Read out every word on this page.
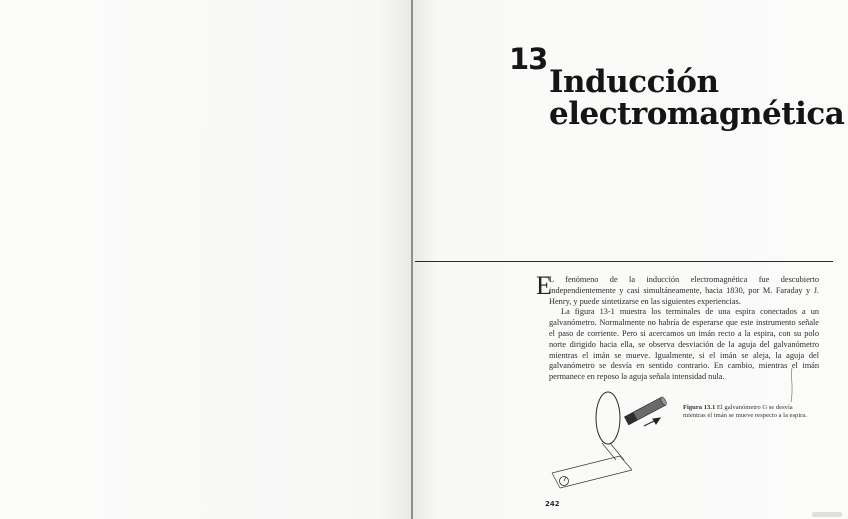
13
Inducción
electromagnética
E

L fenómeno de la inducción electromagnética fue descubierto independientemente y casi simultáneamente, hacia 1830, por M. Faraday y J. Henry, y puede sintetizarse en las siguientes experiencias.

La figura 13-1 muestra los terminales de una espira conectados a un galvanómetro. Normalmente no habría de esperarse que este instrumento señale el paso de corriente. Pero si acercamos un imán recto a la espira, con su polo norte dirigido hacia ella, se observa desviación de la aguja del galvanómetro mientras el imán se mueve. Igualmente, si el imán se aleja, la aguja del galvanómetro se desvía en sentido contrario. En cambio, mientras el imán permanece en reposo la aguja señala intensidad nula.

Figura 13.1 El galvanómetro G se desvía mientras el imán se mueve respecto a la espira.
242
